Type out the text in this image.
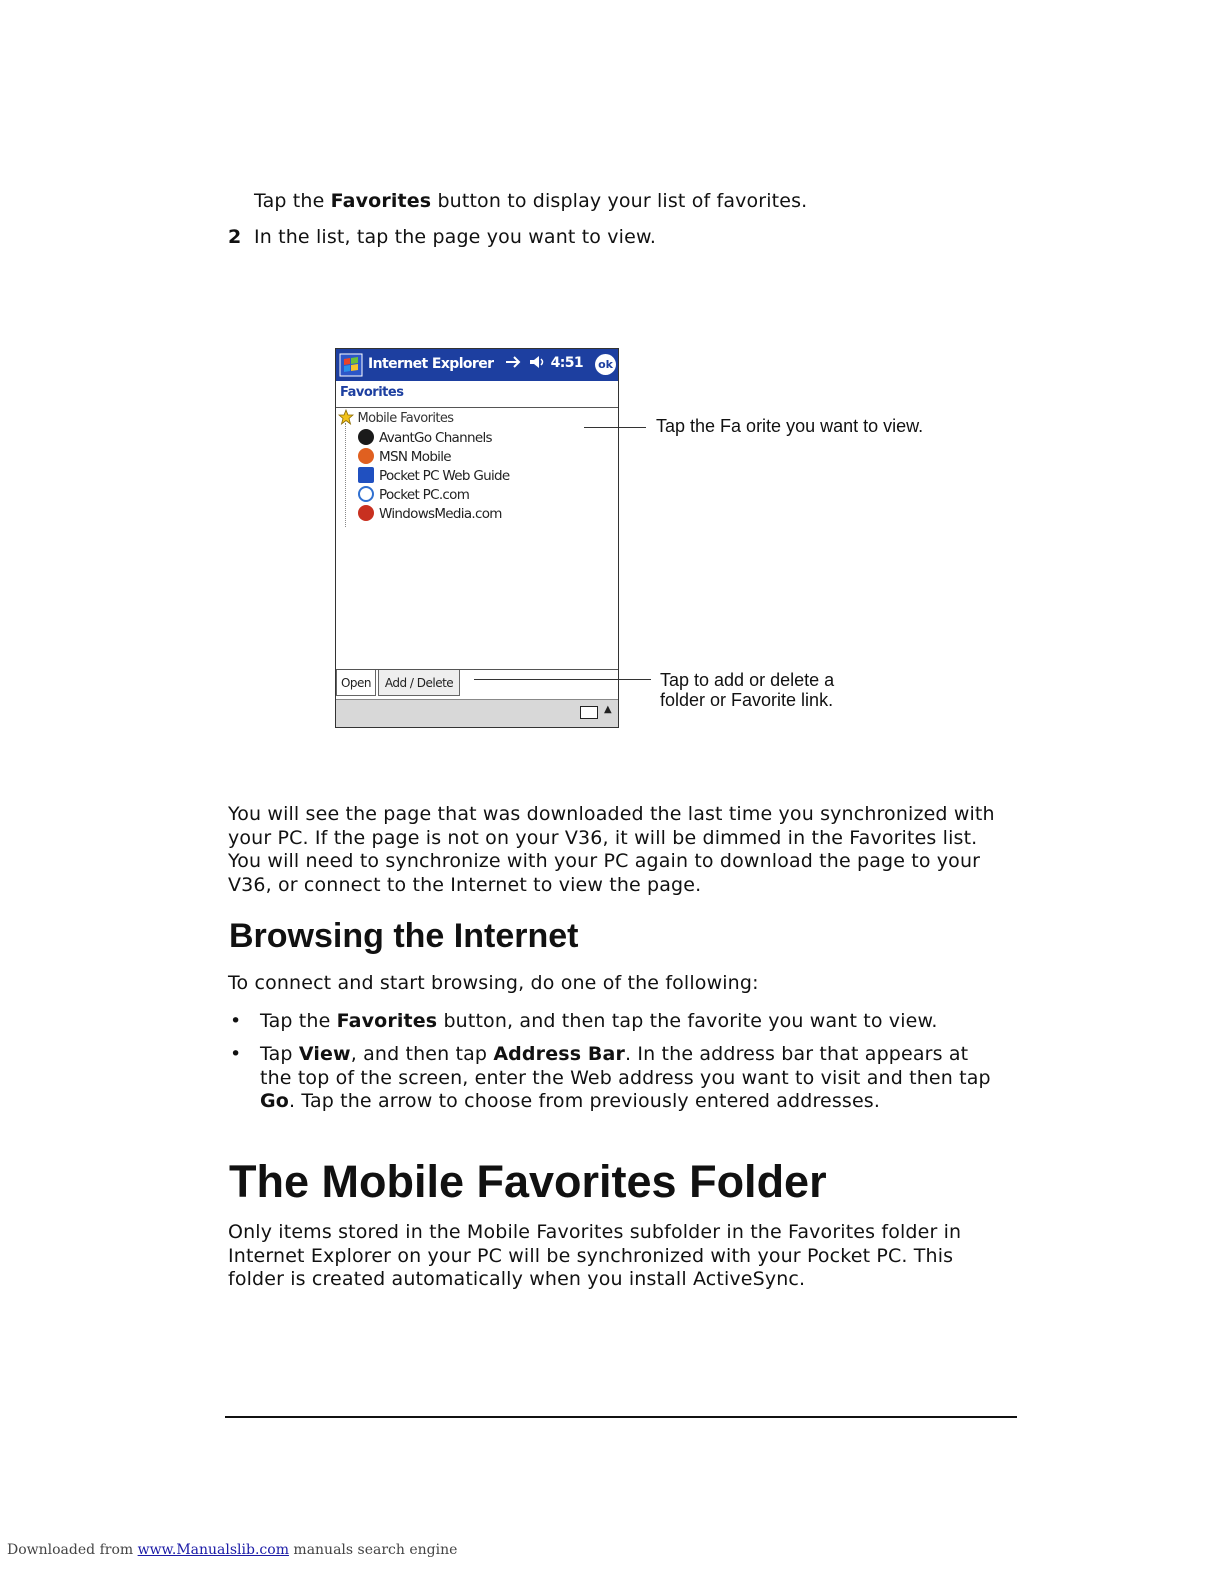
Tap the Favorites button to display your list of favorites.
2 In the list, tap the page you want to view.
Internet Explorer	4:51 ok
Favorites
Mobile Favorites
AvantGo Channels
MSN Mobile
Pocket PC Web Guide
Pocket PC.com
WindowsMedia.com
Open	Add / Delete
▲
Tap the Fa orite you want to view.
Tap to add or delete a
folder or Favorite link.
You will see the page that was downloaded the last time you synchronized with
your PC. If the page is not on your V36, it will be dimmed in the Favorites list.
You will need to synchronize with your PC again to download the page to your
V36, or connect to the Internet to view the page.
Browsing the Internet
To connect and start browsing, do one of the following:
• Tap the Favorites button, and then tap the favorite you want to view.
• Tap View, and then tap Address Bar. In the address bar that appears at
the top of the screen, enter the Web address you want to visit and then tap
Go. Tap the arrow to choose from previously entered addresses.
The Mobile Favorites Folder
Only items stored in the Mobile Favorites subfolder in the Favorites folder in
Internet Explorer on your PC will be synchronized with your Pocket PC. This
folder is created automatically when you install ActiveSync.
Downloaded from www.Manualslib.com manuals search engine
